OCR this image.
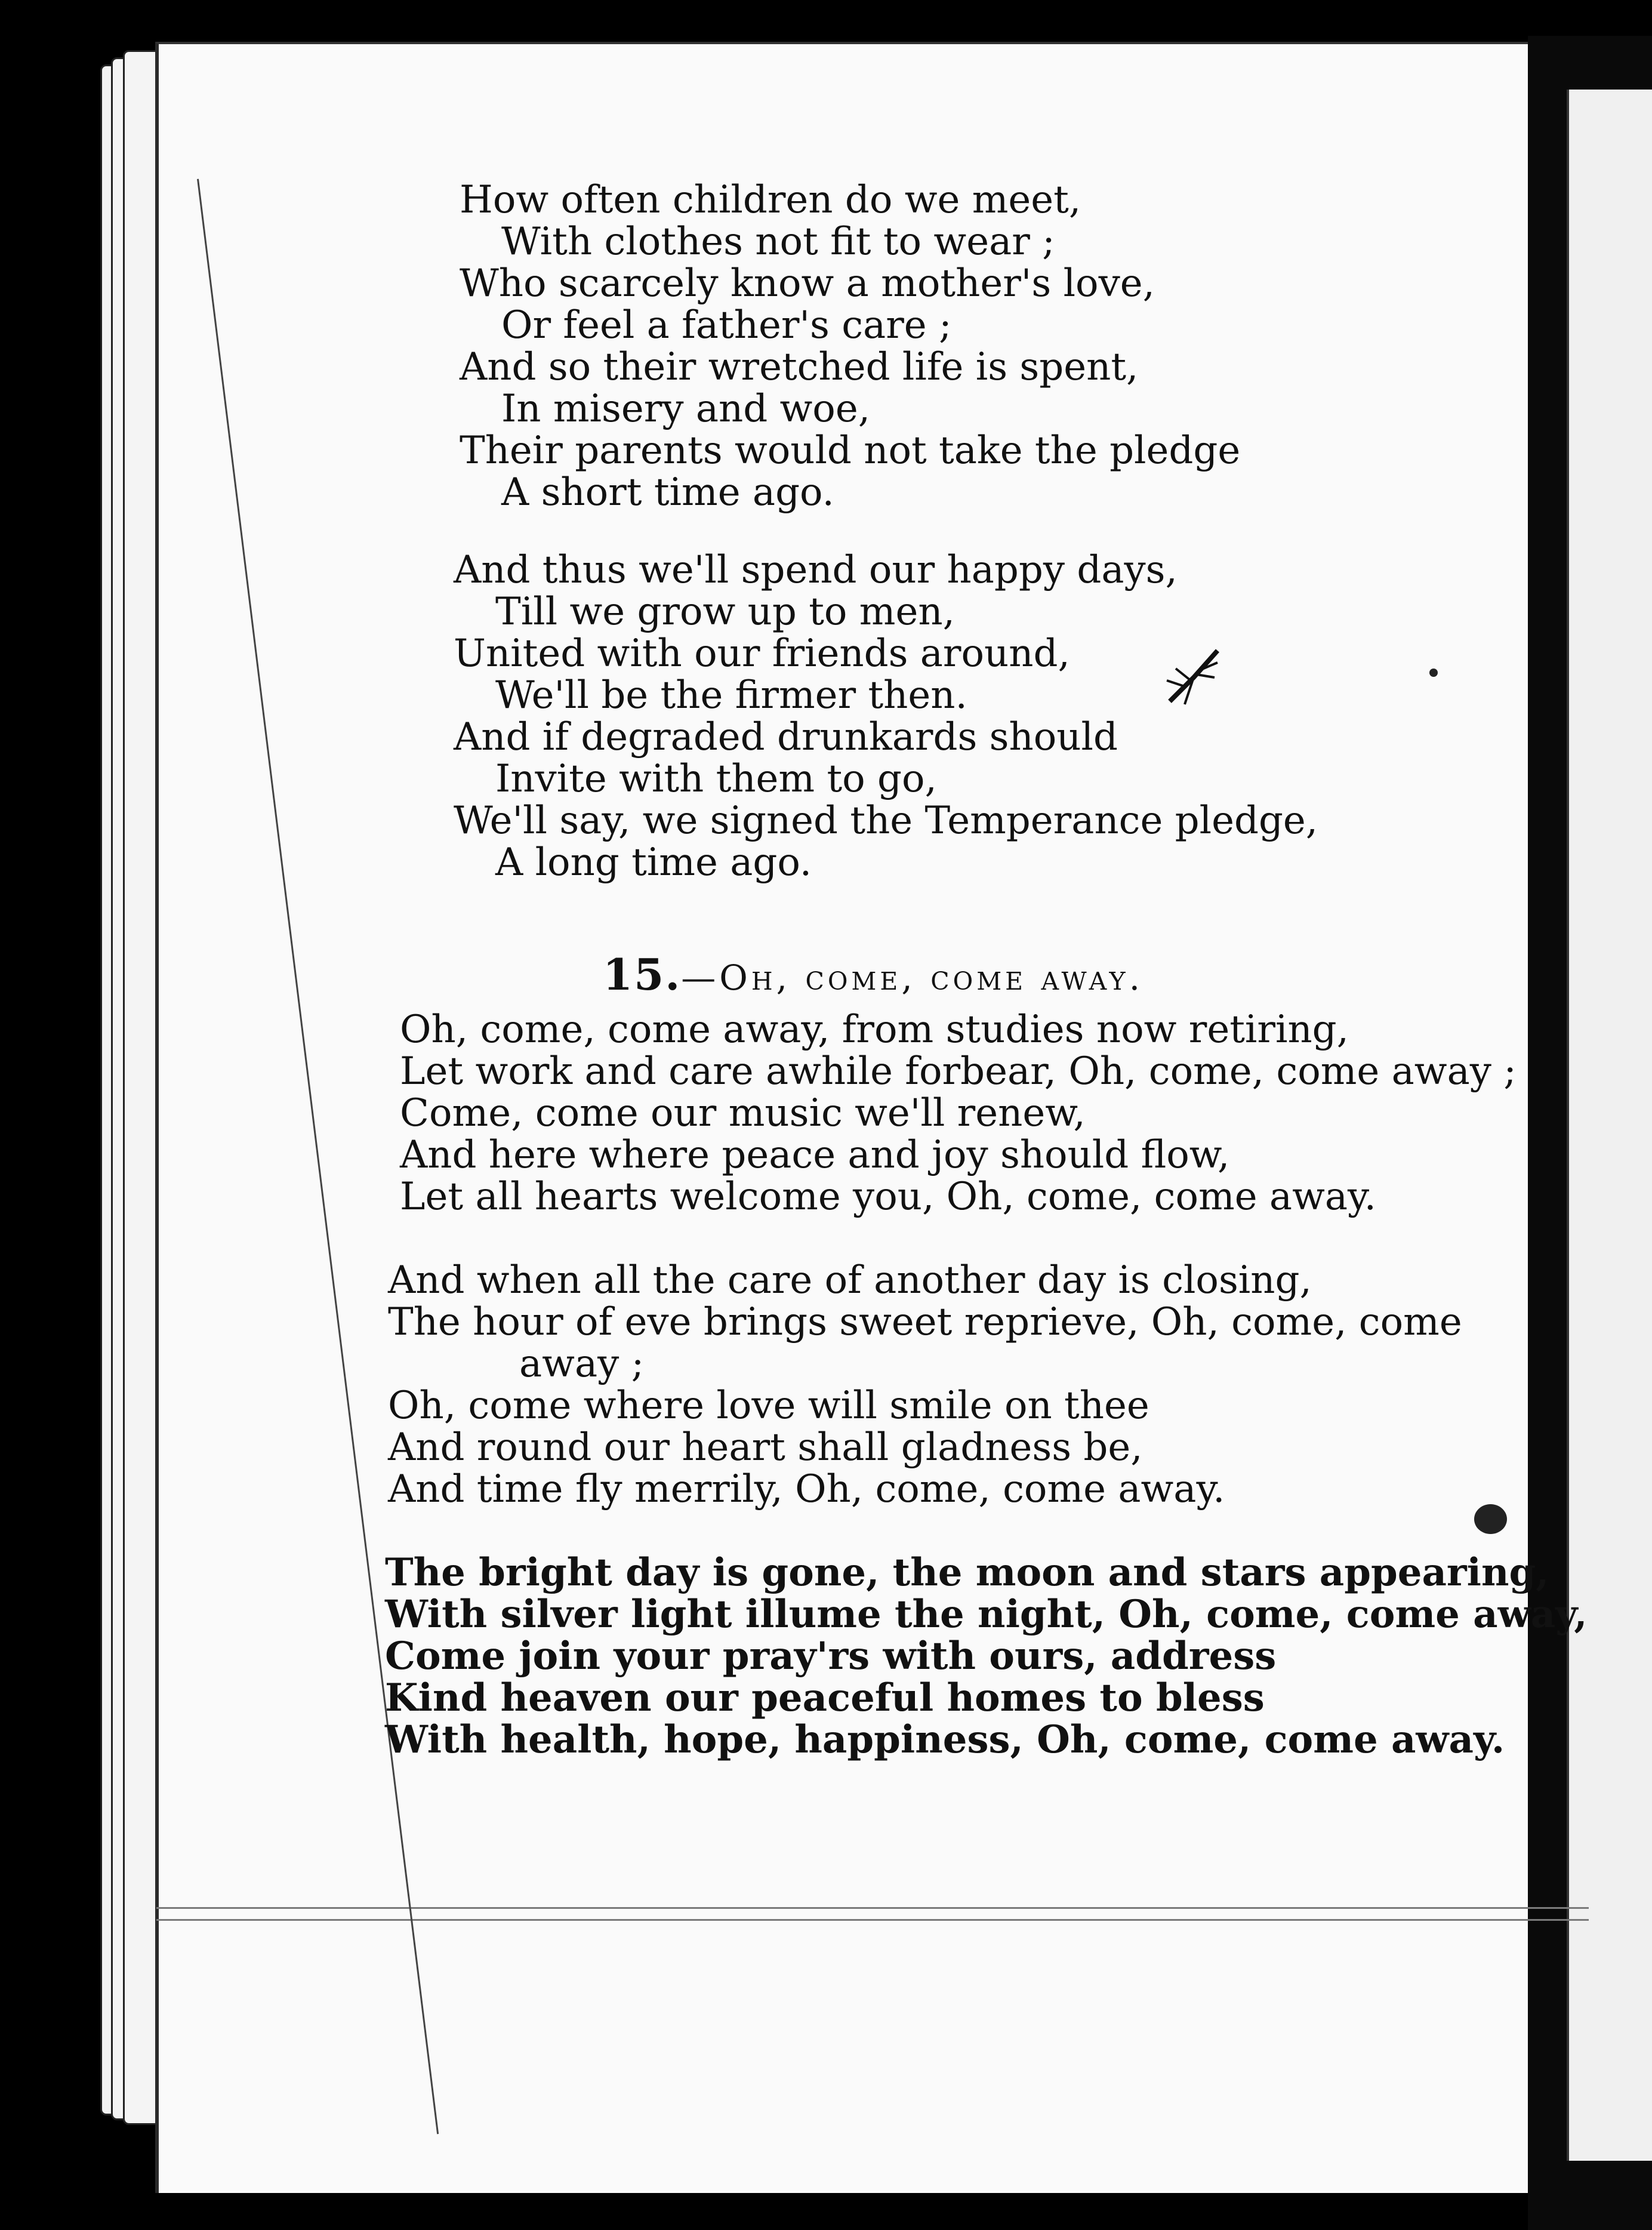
How often children do we meet,
With clothes not fit to wear ;
Who scarcely know a mother's love,
Or feel a father's care ;
And so their wretched life is spent,
In misery and woe,
Their parents would not take the pledge
A short time ago.
And thus we'll spend our happy days,
Till we grow up to men,
United with our friends around,
We'll be the firmer then.
And if degraded drunkards should
Invite with them to go,
We'll say, we signed the Temperance pledge,
A long time ago.
15.—Oh, come, come away.
Oh, come, come away, from studies now retiring,
Let work and care awhile forbear, Oh, come, come away ;
Come, come our music we'll renew,
And here where peace and joy should flow,
Let all hearts welcome you, Oh, come, come away.
And when all the care of another day is closing,
The hour of eve brings sweet reprieve, Oh, come, come
away ;
Oh, come where love will smile on thee
And round our heart shall gladness be,
And time fly merrily, Oh, come, come away.
The bright day is gone, the moon and stars appearing,
With silver light illume the night, Oh, come, come away,
Come join your pray'rs with ours, address
Kind heaven our peaceful homes to bless
With health, hope, happiness, Oh, come, come away.
